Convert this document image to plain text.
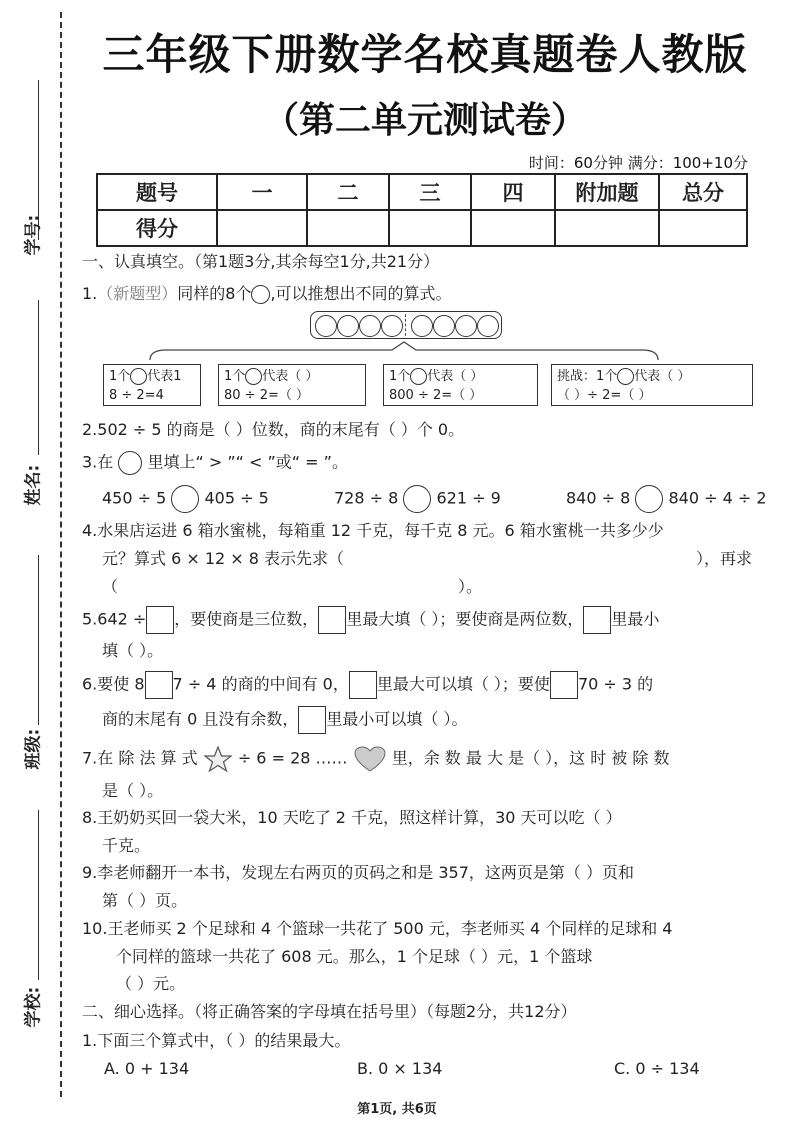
学号:
姓名:
班级:
学校:
三年级下册数学名校真题卷人教版
（第二单元测试卷）
时间：60分钟 满分：100+10分
题号	一	二	三	四	附加题	总分
得分						
一、认真填空。（第1题3分,其余每空1分,共21分）
1.（新题型）同样的8个 ,可以推想出不同的算式。
1个 代表1
8 ÷ 2=4
1个 代表（ ）
80 ÷ 2=（ ）
1个 代表（ ）
800 ÷ 2=（ ）
挑战：1个 代表（ ）
（ ）÷ 2=（ ）
2.502 ÷ 5 的商是（ ）位数，商的末尾有（ ）个 0。
3.在 里填上“ > ”“ < ”或“ = ”。
450 ÷ 5 405 ÷ 5	728 ÷ 8 621 ÷ 9	840 ÷ 8 840 ÷ 4 ÷ 2
4.水果店运进 6 箱水蜜桃，每箱重 12 千克，每千克 8 元。6 箱水蜜桃一共多少少
元？算式 6 × 12 × 8 表示先求（	），再求
（	）。
5.642 ÷ ，要使商是三位数， 里最大填（ ）；要使商是两位数， 里最小
填（ ）。
6.要使 8 7 ÷ 4 的商的中间有 0， 里最大可以填（ ）；要使 70 ÷ 3 的
商的末尾有 0 且没有余数， 里最小可以填（ ）。
7.在 除 法 算 式	÷ 6 = 28 ……	里，余 数 最 大 是（ ），这 时 被 除 数
是（ ）。
8.王奶奶买回一袋大米，10 天吃了 2 千克，照这样计算，30 天可以吃（ ）
千克。
9.李老师翻开一本书，发现左右两页的页码之和是 357，这两页是第（ ）页和
第（ ）页。
10.王老师买 2 个足球和 4 个篮球一共花了 500 元，李老师买 4 个同样的足球和 4
个同样的篮球一共花了 608 元。那么，1 个足球（ ）元，1 个篮球
（ ）元。
二、细心选择。（将正确答案的字母填在括号里）（每题2分，共12分）
1.下面三个算式中，（ ）的结果最大。
A. 0 + 134	B. 0 × 134	C. 0 ÷ 134
第1页, 共6页
